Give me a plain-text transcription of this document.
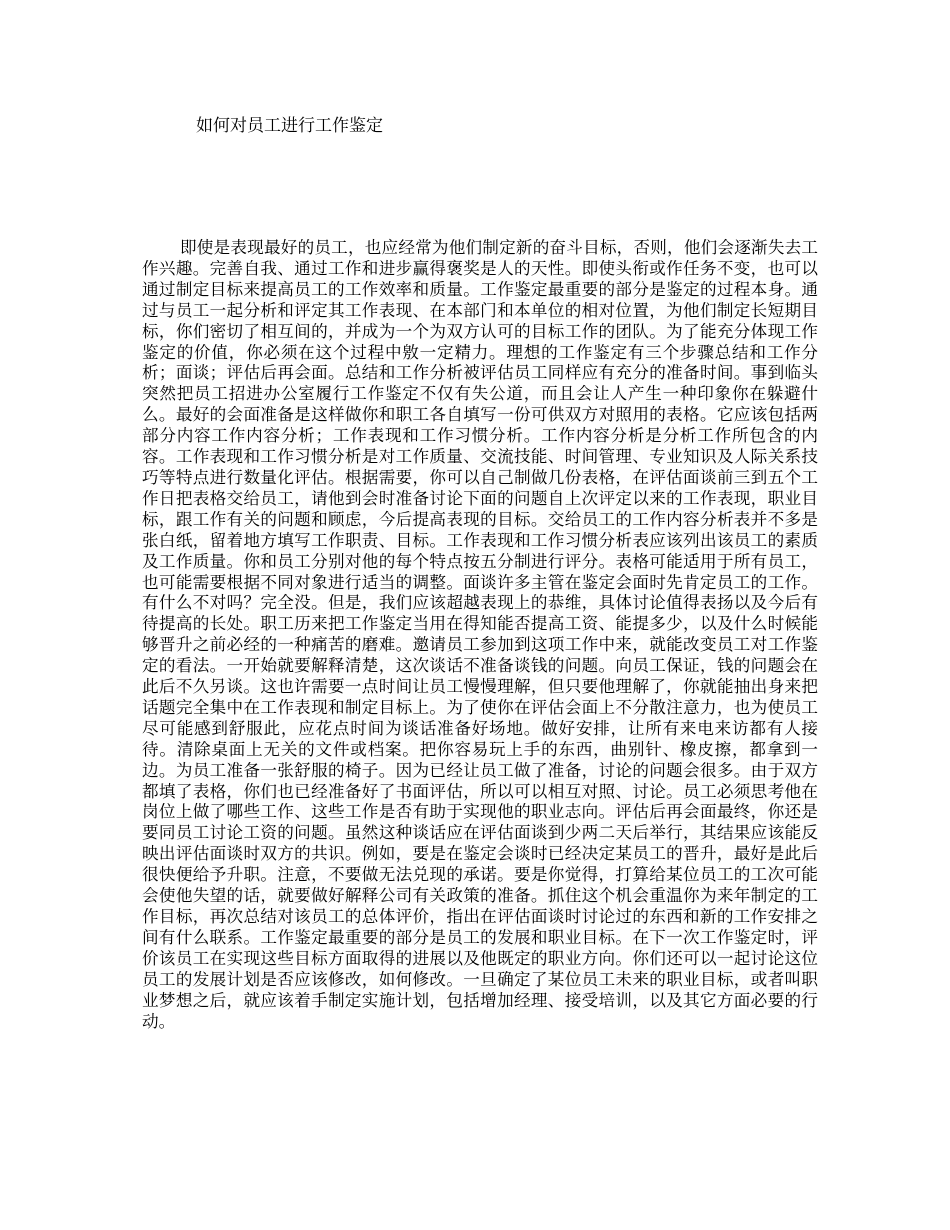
如何对员工进行工作鉴定

即使是表现最好的员工，也应经常为他们制定新的奋斗目标，否则，他们会逐渐失去工作兴趣。完善自我、通过工作和进步赢得褒奖是人的天性。即使头衔或作任务不变，也可以通过制定目标来提高员工的工作效率和质量。工作鉴定最重要的部分是鉴定的过程本身。通过与员工一起分析和评定其工作表现、在本部门和本单位的相对位置，为他们制定长短期目标，你们密切了相互间的，并成为一个为双方认可的目标工作的团队。为了能充分体现工作鉴定的价值，你必须在这个过程中敫一定精力。理想的工作鉴定有三个步骤总结和工作分析；面谈；评估后再会面。总结和工作分析被评估员工同样应有充分的准备时间。事到临头突然把员工招进办公室履行工作鉴定不仅有失公道，而且会让人产生一种印象你在躲避什么。最好的会面准备是这样做你和职工各自填写一份可供双方对照用的表格。它应该包括两部分内容工作内容分析；工作表现和工作习惯分析。工作内容分析是分析工作所包含的内容。工作表现和工作习惯分析是对工作质量、交流技能、时间管理、专业知识及人际关系技巧等特点进行数量化评估。根据需要，你可以自己制做几份表格，在评估面谈前三到五个工作日把表格交给员工，请他到会时准备讨论下面的问题自上次评定以来的工作表现，职业目标，跟工作有关的问题和顾虑，今后提高表现的目标。交给员工的工作内容分析表并不多是张白纸，留着地方填写工作职责、目标。工作表现和工作习惯分析表应该列出该员工的素质及工作质量。你和员工分别对他的每个特点按五分制进行评分。表格可能适用于所有员工，也可能需要根据不同对象进行适当的调整。面谈许多主管在鉴定会面时先肯定员工的工作。有什么不对吗？完全没。但是，我们应该超越表现上的恭维，具体讨论值得表扬以及今后有待提高的长处。职工历来把工作鉴定当用在得知能否提高工资、能提多少，以及什么时候能够晋升之前必经的一种痛苦的磨难。邀请员工参加到这项工作中来，就能改变员工对工作鉴定的看法。一开始就要解释清楚，这次谈话不准备谈钱的问题。向员工保证，钱的问题会在此后不久另谈。这也许需要一点时间让员工慢慢理解，但只要他理解了，你就能抽出身来把话题完全集中在工作表现和制定目标上。为了使你在评估会面上不分散注意力，也为使员工尽可能感到舒服此，应花点时间为谈话准备好场地。做好安排，让所有来电来访都有人接待。清除桌面上无关的文件或档案。把你容易玩上手的东西，曲别针、橡皮擦，都拿到一边。为员工准备一张舒服的椅子。因为已经让员工做了准备，讨论的问题会很多。由于双方都填了表格，你们也已经准备好了书面评估，所以可以相互对照、讨论。员工必须思考他在岗位上做了哪些工作、这些工作是否有助于实现他的职业志向。评估后再会面最终，你还是要同员工讨论工资的问题。虽然这种谈话应在评估面谈到少两二天后举行，其结果应该能反映出评估面谈时双方的共识。例如，要是在鉴定会谈时已经决定某员工的晋升，最好是此后很快便给予升职。注意，不要做无法兑现的承诺。要是你觉得，打算给某位员工的工次可能会使他失望的话，就要做好解释公司有关政策的准备。抓住这个机会重温你为来年制定的工作目标，再次总结对该员工的总体评价，指出在评估面谈时讨论过的东西和新的工作安排之间有什么联系。工作鉴定最重要的部分是员工的发展和职业目标。在下一次工作鉴定时，评价该员工在实现这些目标方面取得的进展以及他既定的职业方向。你们还可以一起讨论这位员工的发展计划是否应该修改，如何修改。一旦确定了某位员工未来的职业目标，或者叫职业梦想之后，就应该着手制定实施计划，包括增加经理、接受培训，以及其它方面必要的行动。
